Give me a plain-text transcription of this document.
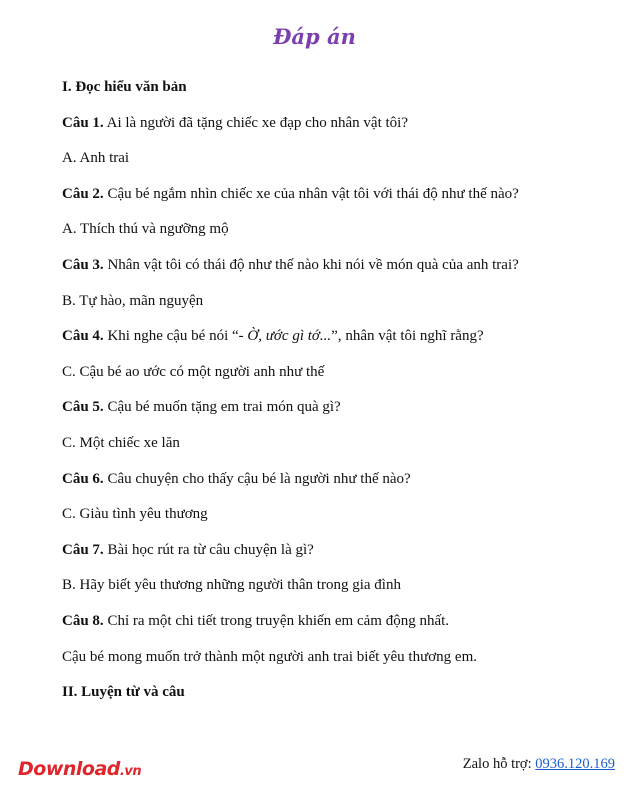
Đáp án
I. Đọc hiểu văn bản
Câu 1. Ai là người đã tặng chiếc xe đạp cho nhân vật tôi?
A. Anh trai
Câu 2. Cậu bé ngắm nhìn chiếc xe của nhân vật tôi với thái độ như thế nào?
A. Thích thú và ngưỡng mộ
Câu 3. Nhân vật tôi có thái độ như thế nào khi nói về món quà của anh trai?
B. Tự hào, mãn nguyện
Câu 4. Khi nghe cậu bé nói “- Ờ, ước gì tớ...”, nhân vật tôi nghĩ rằng?
C. Cậu bé ao ước có một người anh như thế
Câu 5. Cậu bé muốn tặng em trai món quà gì?
C. Một chiếc xe lăn
Câu 6. Câu chuyện cho thấy cậu bé là người như thế nào?
C. Giàu tình yêu thương
Câu 7. Bài học rút ra từ câu chuyện là gì?
B. Hãy biết yêu thương những người thân trong gia đình
Câu 8. Chỉ ra một chi tiết trong truyện khiến em cảm động nhất.
Cậu bé mong muốn trở thành một người anh trai biết yêu thương em.
II. Luyện từ và câu
Download.vn	Zalo hỗ trợ: 0936.120.169
